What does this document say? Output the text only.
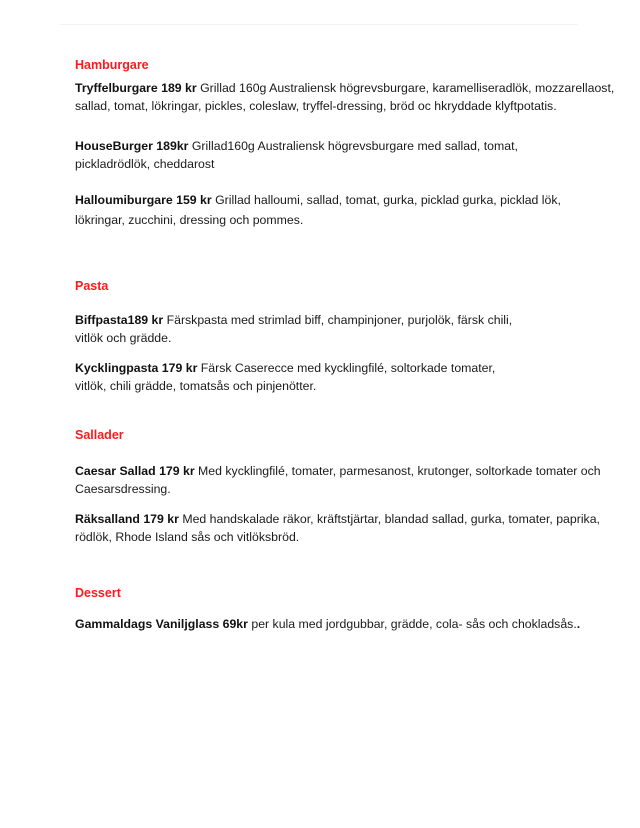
Hamburgare
Tryffelburgare 189 kr Grillad 160g Australiensk högrevsburgare, karamelliseradlök, mozzarellaost,
sallad, tomat, lökringar, pickles, coleslaw, tryffel-dressing, bröd oc hkryddade klyftpotatis.
HouseBurger 189kr Grillad160g Australiensk högrevsburgare med sallad, tomat,
pickladrödlök, cheddarost
Halloumiburgare 159 kr Grillad halloumi, sallad, tomat, gurka, picklad gurka, picklad lök,
lökringar, zucchini, dressing och pommes.
Pasta
Biffpasta189 kr Färskpasta med strimlad biff, champinjoner, purjolök, färsk chili,
vitlök och grädde.
Kycklingpasta 179 kr Färsk Caserecce med kycklingfilé, soltorkade tomater,
vitlök, chili grädde, tomatsås och pinjenötter.
Sallader
Caesar Sallad 179 kr Med kycklingfilé, tomater, parmesanost, krutonger, soltorkade tomater och
Caesarsdressing.
Räksalland 179 kr Med handskalade räkor, kräftstjärtar, blandad sallad, gurka, tomater, paprika,
rödlök, Rhode Island sås och vitlöksbröd.
Dessert
Gammaldags Vaniljglass 69kr per kula med jordgubbar, grädde, cola- sås och chokladsås..
